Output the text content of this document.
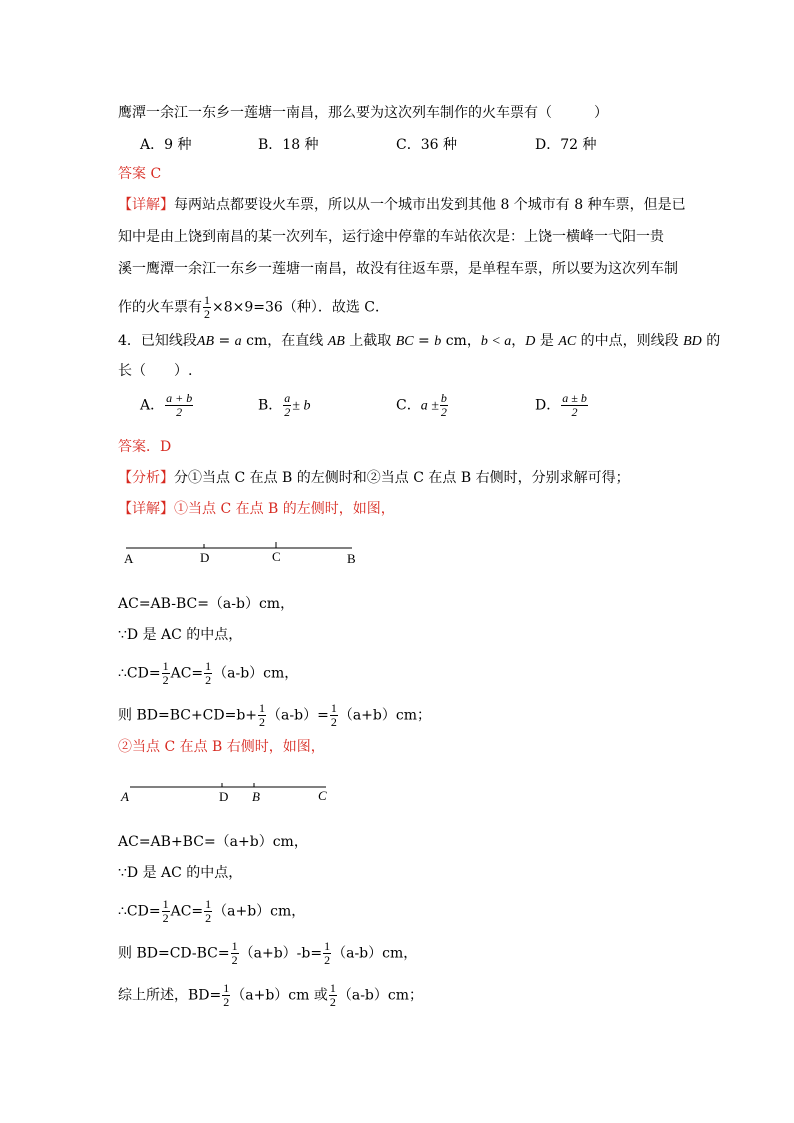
鹰潭一余江一东乡一莲塘一南昌，那么要为这次列车制作的火车票有（　　　）
A．9 种	B．18 种	C．36 种	D．72 种
答案 C
【详解】每两站点都要设火车票，所以从一个城市出发到其他 8 个城市有 8 种车票，但是已
知中是由上饶到南昌的某一次列车，运行途中停靠的车站依次是：上饶一横峰一弋阳一贵
溪一鹰潭一余江一东乡一莲塘一南昌，故没有往返车票，是单程车票，所以要为这次列车制
作的火车票有 $\frac{1}{2} \times 8\times 9=36$（种）．故选 C．
4．已知线段AB = a cm，在直线 AB 上截取 BC = b cm，b < a，D 是 AC 的中点，则线段 BD 的
长（　　）.
A． $\frac{a + b}{2}$	B． $\frac{a}{2} \pm b$	C．$a \pm \frac{b}{2}$	D． $\frac{a \pm b}{2}$
答案．D
【分析】分①当点 C 在点 B 的左侧时和②当点 C 在点 B 右侧时，分别求解可得；
【详解】①当点 C 在点 B 的左侧时，如图，
A	D	C	B
AC=AB-BC=（a-b）cm，
∵D 是 AC 的中点，
∴CD= $\frac{1}{2} AC= \frac{1}{2} (a-b)cm$，
则 $BD=BC+CD=b+ \frac{1}{2} (a-b)= \frac{1}{2} (a+b)cm$；
②当点 C 在点 B 右侧时，如图，
A	D B	C
AC=AB+BC=（a+b）cm，
∵D 是 AC 的中点，
∴CD= $\frac{1}{2} AC= \frac{1}{2} (a+b)cm$，
则 $BD=CD-BC= \frac{1}{2} (a+b)-b= \frac{1}{2} (a-b)cm$，
综上所述，$BD= \frac{1}{2} (a+b)cm$ 或 $\frac{1}{2} (a-b)cm$；
